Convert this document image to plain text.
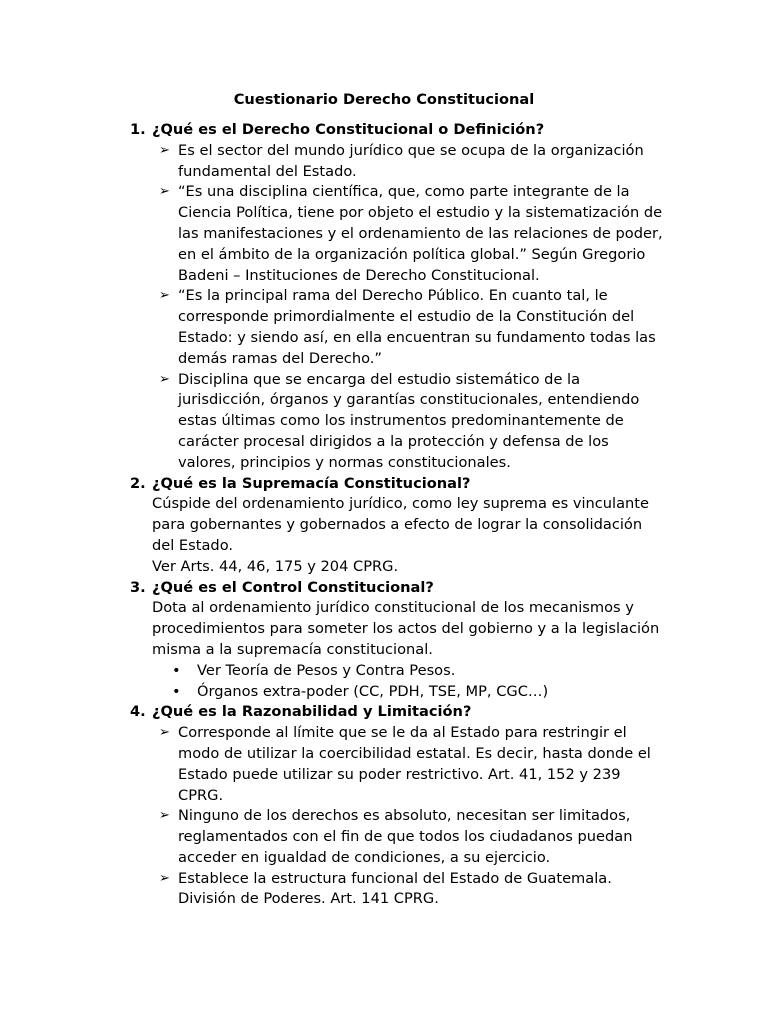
Cuestionario Derecho Constitucional
1. ¿Qué es el Derecho Constitucional o Definición?
➢ Es el sector del mundo jurídico que se ocupa de la organización fundamental del Estado.
➢ “Es una disciplina científica, que, como parte integrante de la Ciencia Política, tiene por objeto el estudio y la sistematización de las manifestaciones y el ordenamiento de las relaciones de poder, en el ámbito de la organización política global.” Según Gregorio Badeni – Instituciones de Derecho Constitucional.
➢ “Es la principal rama del Derecho Público. En cuanto tal, le corresponde primordialmente el estudio de la Constitución del Estado: y siendo así, en ella encuentran su fundamento todas las demás ramas del Derecho.”
➢ Disciplina que se encarga del estudio sistemático de la jurisdicción, órganos y garantías constitucionales, entendiendo estas últimas como los instrumentos predominantemente de carácter procesal dirigidos a la protección y defensa de los valores, principios y normas constitucionales.
2. ¿Qué es la Supremacía Constitucional?
Cúspide del ordenamiento jurídico, como ley suprema es vinculante para gobernantes y gobernados a efecto de lograr la consolidación del Estado.
Ver Arts. 44, 46, 175 y 204 CPRG.
3. ¿Qué es el Control Constitucional?
Dota al ordenamiento jurídico constitucional de los mecanismos y procedimientos para someter los actos del gobierno y a la legislación misma a la supremacía constitucional.
• Ver Teoría de Pesos y Contra Pesos.
• Órganos extra-poder (CC, PDH, TSE, MP, CGC…)
4. ¿Qué es la Razonabilidad y Limitación?
➢ Corresponde al límite que se le da al Estado para restringir el modo de utilizar la coercibilidad estatal. Es decir, hasta donde el Estado puede utilizar su poder restrictivo. Art. 41, 152 y 239 CPRG.
➢ Ninguno de los derechos es absoluto, necesitan ser limitados, reglamentados con el fin de que todos los ciudadanos puedan acceder en igualdad de condiciones, a su ejercicio.
➢ Establece la estructura funcional del Estado de Guatemala. División de Poderes. Art. 141 CPRG.
